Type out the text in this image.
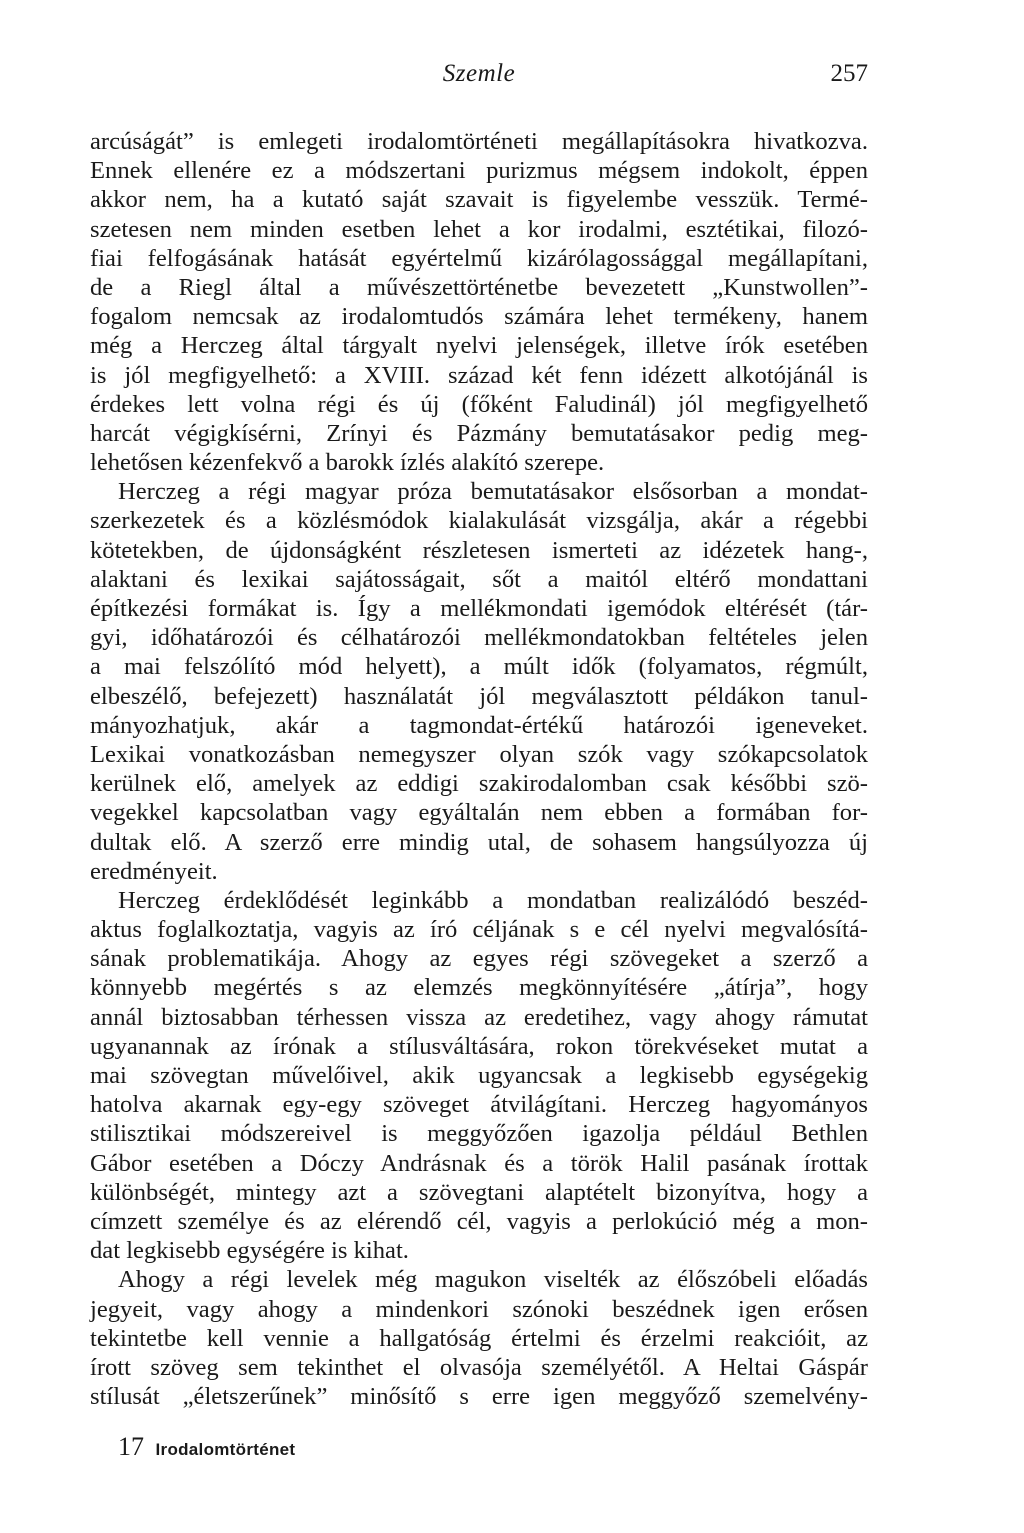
Szemle	257
arcúságát” is emlegeti irodalomtörténeti megállapításokra hivatkozva.
Ennek ellenére ez a módszertani purizmus mégsem indokolt, éppen
akkor nem, ha a kutató saját szavait is figyelembe vesszük. Termé-
szetesen nem minden esetben lehet a kor irodalmi, esztétikai, filozó-
fiai felfogásának hatását egyértelmű kizárólagossággal megállapítani,
de a Riegl által a művészettörténetbe bevezetett „Kunstwollen”-
fogalom nemcsak az irodalomtudós számára lehet termékeny, hanem
még a Herczeg által tárgyalt nyelvi jelenségek, illetve írók esetében
is jól megfigyelhető: a XVIII. század két fenn idézett alkotójánál is
érdekes lett volna régi és új (főként Faludinál) jól megfigyelhető
harcát végigkísérni, Zrínyi és Pázmány bemutatásakor pedig meg-
lehetősen kézenfekvő a barokk ízlés alakító szerepe.
Herczeg a régi magyar próza bemutatásakor elsősorban a mondat-
szerkezetek és a közlésmódok kialakulását vizsgálja, akár a régebbi
kötetekben, de újdonságként részletesen ismerteti az idézetek hang-,
alaktani és lexikai sajátosságait, sőt a maitól eltérő mondattani
építkezési formákat is. Így a mellékmondati igemódok eltérését (tár-
gyi, időhatározói és célhatározói mellékmondatokban feltételes jelen
a mai felszólító mód helyett), a múlt idők (folyamatos, régmúlt,
elbeszélő, befejezett) használatát jól megválasztott példákon tanul-
mányozhatjuk, akár a tagmondat-értékű határozói igeneveket.
Lexikai vonatkozásban nemegyszer olyan szók vagy szókapcsolatok
kerülnek elő, amelyek az eddigi szakirodalomban csak későbbi szö-
vegekkel kapcsolatban vagy egyáltalán nem ebben a formában for-
dultak elő. A szerző erre mindig utal, de sohasem hangsúlyozza új
eredményeit.
Herczeg érdeklődését leginkább a mondatban realizálódó beszéd-
aktus foglalkoztatja, vagyis az író céljának s e cél nyelvi megvalósítá-
sának problematikája. Ahogy az egyes régi szövegeket a szerző a
könnyebb megértés s az elemzés megkönnyítésére „átírja”, hogy
annál biztosabban térhessen vissza az eredetihez, vagy ahogy rámutat
ugyanannak az írónak a stílusváltására, rokon törekvéseket mutat a
mai szövegtan művelőivel, akik ugyancsak a legkisebb egységekig
hatolva akarnak egy-egy szöveget átvilágítani. Herczeg hagyományos
stilisztikai módszereivel is meggyőzően igazolja például Bethlen
Gábor esetében a Dóczy Andrásnak és a török Halil pasának írottak
különbségét, mintegy azt a szövegtani alaptételt bizonyítva, hogy a
címzett személye és az elérendő cél, vagyis a perlokúció még a mon-
dat legkisebb egységére is kihat.
Ahogy a régi levelek még magukon viselték az élőszóbeli előadás
jegyeit, vagy ahogy a mindenkori szónoki beszédnek igen erősen
tekintetbe kell vennie a hallgatóság értelmi és érzelmi reakcióit, az
írott szöveg sem tekinthet el olvasója személyétől. A Heltai Gáspár
stílusát „életszerűnek” minősítő s erre igen meggyőző szemelvény-
17 Irodalomtörténet
